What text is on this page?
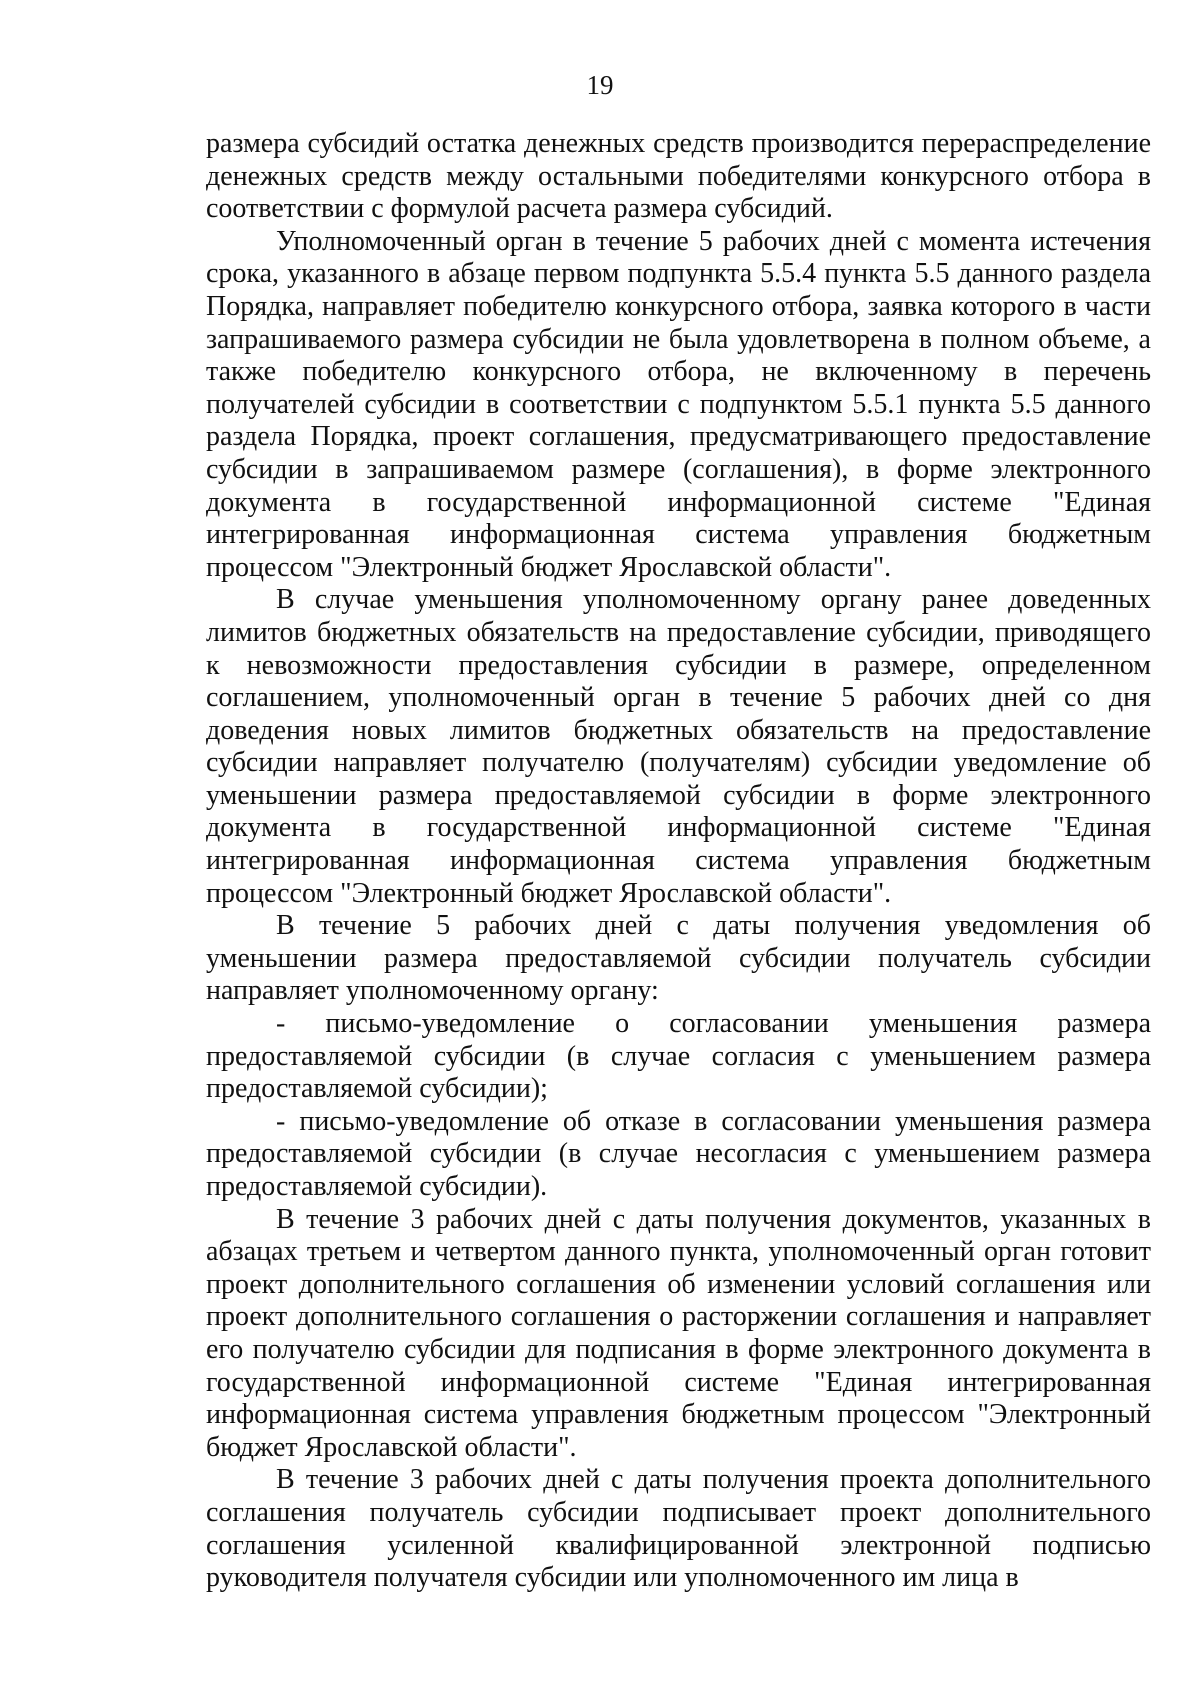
19

размера субсидий остатка денежных средств производится перераспределение денежных средств между остальными победителями конкурсного отбора в соответствии с формулой расчета размера субсидий.

Уполномоченный орган в течение 5 рабочих дней с момента истечения срока, указанного в абзаце первом подпункта 5.5.4 пункта 5.5 данного раздела Порядка, направляет победителю конкурсного отбора, заявка которого в части запрашиваемого размера субсидии не была удовлетворена в полном объеме, а также победителю конкурсного отбора, не включенному в перечень получателей субсидии в соответствии с подпунктом 5.5.1 пункта 5.5 данного раздела Порядка, проект соглашения, предусматривающего предоставление субсидии в запрашиваемом размере (соглашения), в форме электронного документа в государственной информационной системе "Единая интегрированная информационная система управления бюджетным процессом "Электронный бюджет Ярославской области".

В случае уменьшения уполномоченному органу ранее доведенных лимитов бюджетных обязательств на предоставление субсидии, приводящего к невозможности предоставления субсидии в размере, определенном соглашением, уполномоченный орган в течение 5 рабочих дней со дня доведения новых лимитов бюджетных обязательств на предоставление субсидии направляет получателю (получателям) субсидии уведомление об уменьшении размера предоставляемой субсидии в форме электронного документа в государственной информационной системе "Единая интегрированная информационная система управления бюджетным процессом "Электронный бюджет Ярославской области".

В течение 5 рабочих дней с даты получения уведомления об уменьшении размера предоставляемой субсидии получатель субсидии направляет уполномоченному органу:

- письмо-уведомление о согласовании уменьшения размера предоставляемой субсидии (в случае согласия с уменьшением размера предоставляемой субсидии);

- письмо-уведомление об отказе в согласовании уменьшения размера предоставляемой субсидии (в случае несогласия с уменьшением размера предоставляемой субсидии).

В течение 3 рабочих дней с даты получения документов, указанных в абзацах третьем и четвертом данного пункта, уполномоченный орган готовит проект дополнительного соглашения об изменении условий соглашения или проект дополнительного соглашения о расторжении соглашения и направляет его получателю субсидии для подписания в форме электронного документа в государственной информационной системе "Единая интегрированная информационная система управления бюджетным процессом "Электронный бюджет Ярославской области".

В течение 3 рабочих дней с даты получения проекта дополнительного соглашения получатель субсидии подписывает проект дополнительного соглашения усиленной квалифицированной электронной подписью руководителя получателя субсидии или уполномоченного им лица в
